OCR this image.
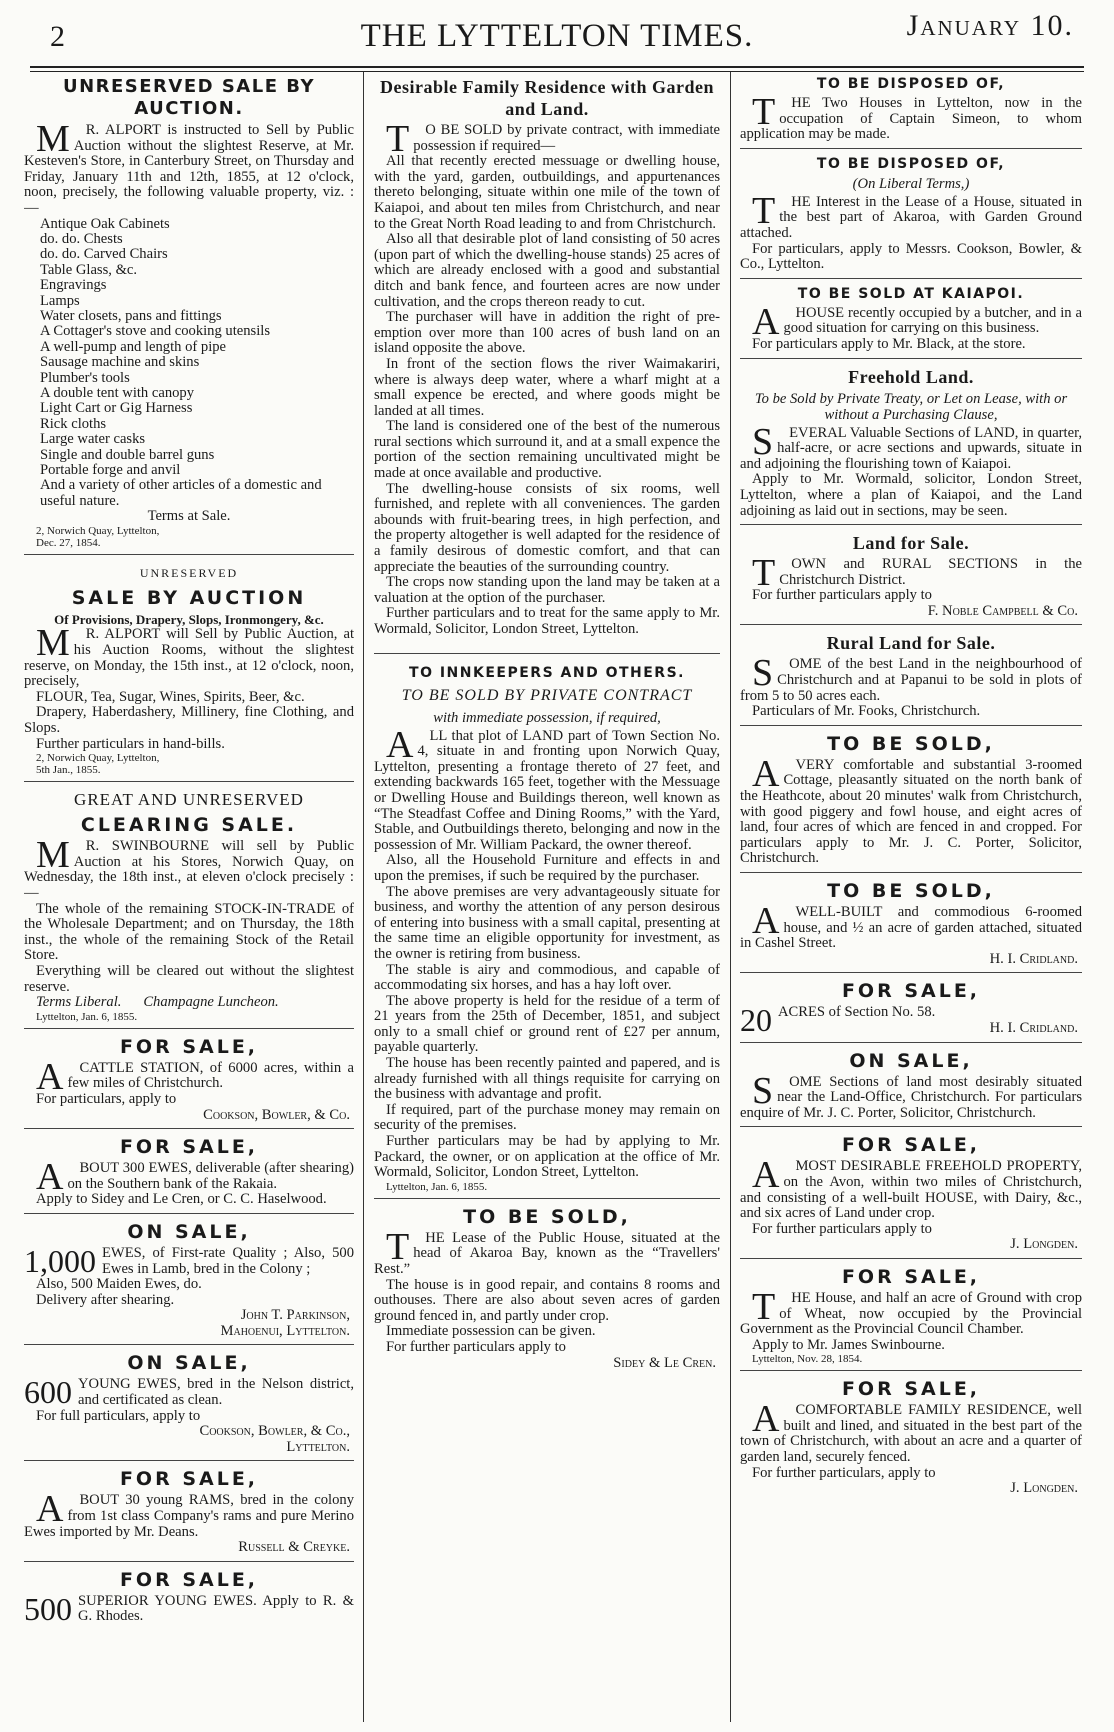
2	THE LYTTELTON TIMES.	January 10.
UNRESERVED SALE BY AUCTION.

MR. ALPORT is instructed to Sell by Public Auction without the slightest Reserve, at Mr. Kesteven's Store, in Canterbury Street, on Thursday and Friday, January 11th and 12th, 1855, at 12 o'clock, noon, precisely, the following valuable property, viz. :—

Antique Oak Cabinets
do. do. Chests
do. do. Carved Chairs
Table Glass, &c.
Engravings
Lamps
Water closets, pans and fittings
A Cottager's stove and cooking utensils
A well-pump and length of pipe
Sausage machine and skins
Plumber's tools
A double tent with canopy
Light Cart or Gig Harness
Rick cloths
Large water casks
Single and double barrel guns
Portable forge and anvil
And a variety of other articles of a domestic and useful nature.
Terms at Sale.
2, Norwich Quay, Lyttelton,
Dec. 27, 1854.
UNRESERVED
SALE BY AUCTION
Of Provisions, Drapery, Slops, Ironmongery, &c.

MR. ALPORT will Sell by Public Auction, at his Auction Rooms, without the slightest reserve, on Monday, the 15th inst., at 12 o'clock, noon, precisely,

FLOUR, Tea, Sugar, Wines, Spirits, Beer, &c.

Drapery, Haberdashery, Millinery, fine Clothing, and Slops.

Further particulars in hand-bills.

2, Norwich Quay, Lyttelton,
5th Jan., 1855.
GREAT AND UNRESERVED
CLEARING SALE.

MR. SWINBOURNE will sell by Public Auction at his Stores, Norwich Quay, on Wednesday, the 18th inst., at eleven o'clock precisely :—

The whole of the remaining STOCK-IN-TRADE of the Wholesale Department; and on Thursday, the 18th inst., the whole of the remaining Stock of the Retail Store.

Everything will be cleared out without the slightest reserve.

Terms Liberal.      Champagne Luncheon.

Lyttelton, Jan. 6, 1855.
FOR SALE,

ACATTLE STATION, of 6000 acres, within a few miles of Christchurch.

For particulars, apply to

Cookson, Bowler, & Co.
FOR SALE,

ABOUT 300 EWES, deliverable (after shearing) on the Southern bank of the Rakaia.

Apply to Sidey and Le Cren, or C. C. Haselwood.

ON SALE,
1,000 EWES, of First-rate Quality ; Also, 500 Ewes in Lamb, bred in the Colony ;

Also, 500 Maiden Ewes, do.

Delivery after shearing.

John T. Parkinson,
Mahoenui, Lyttelton.
ON SALE,
600 YOUNG EWES, bred in the Nelson district, and certificated as clean.

For full particulars, apply to

Cookson, Bowler, & Co.,
Lyttelton.
FOR SALE,

ABOUT 30 young RAMS, bred in the colony from 1st class Company's rams and pure Merino Ewes imported by Mr. Deans.

Russell & Creyke.
FOR SALE,
500 SUPERIOR YOUNG EWES. Apply to R. & G. Rhodes.

Desirable Family Residence with Garden and Land.

TO BE SOLD by private contract, with immediate possession if required—

All that recently erected messuage or dwelling house, with the yard, garden, outbuildings, and appurtenances thereto belonging, situate within one mile of the town of Kaiapoi, and about ten miles from Christchurch, and near to the Great North Road leading to and from Christchurch.

Also all that desirable plot of land consisting of 50 acres (upon part of which the dwelling-house stands) 25 acres of which are already enclosed with a good and substantial ditch and bank fence, and fourteen acres are now under cultivation, and the crops thereon ready to cut.

The purchaser will have in addition the right of pre-emption over more than 100 acres of bush land on an island opposite the above.

In front of the section flows the river Waimakariri, where is always deep water, where a wharf might at a small expence be erected, and where goods might be landed at all times.

The land is considered one of the best of the numerous rural sections which surround it, and at a small expence the portion of the section remaining uncultivated might be made at once available and productive.

The dwelling-house consists of six rooms, well furnished, and replete with all conveniences. The garden abounds with fruit-bearing trees, in high perfection, and the property altogether is well adapted for the residence of a family desirous of domestic comfort, and that can appreciate the beauties of the surrounding country.

The crops now standing upon the land may be taken at a valuation at the option of the purchaser.

Further particulars and to treat for the same apply to Mr. Wormald, Solicitor, London Street, Lyttelton.

TO INNKEEPERS AND OTHERS.
TO BE SOLD BY PRIVATE CONTRACT
with immediate possession, if required,

ALL that plot of LAND part of Town Section No. 4, situate in and fronting upon Norwich Quay, Lyttelton, presenting a frontage thereto of 27 feet, and extending backwards 165 feet, together with the Messuage or Dwelling House and Buildings thereon, well known as “The Steadfast Coffee and Dining Rooms,” with the Yard, Stable, and Outbuildings thereto, belonging and now in the possession of Mr. William Packard, the owner thereof.

Also, all the Household Furniture and effects in and upon the premises, if such be required by the purchaser.

The above premises are very advantageously situate for business, and worthy the attention of any person desirous of entering into business with a small capital, presenting at the same time an eligible opportunity for investment, as the owner is retiring from business.

The stable is airy and commodious, and capable of accommodating six horses, and has a hay loft over.

The above property is held for the residue of a term of 21 years from the 25th of December, 1851, and subject only to a small chief or ground rent of £27 per annum, payable quarterly.

The house has been recently painted and papered, and is already furnished with all things requisite for carrying on the business with advantage and profit.

If required, part of the purchase money may remain on security of the premises.

Further particulars may be had by applying to Mr. Packard, the owner, or on application at the office of Mr. Wormald, Solicitor, London Street, Lyttelton.

Lyttelton, Jan. 6, 1855.
TO BE SOLD,

THE Lease of the Public House, situated at the head of Akaroa Bay, known as the “Travellers' Rest.”

The house is in good repair, and contains 8 rooms and outhouses. There are also about seven acres of garden ground fenced in, and partly under crop.

Immediate possession can be given.

For further particulars apply to

Sidey & Le Cren.
TO BE DISPOSED OF,

THE Two Houses in Lyttelton, now in the occupation of Captain Simeon, to whom application may be made.

TO BE DISPOSED OF,
(On Liberal Terms,)

THE Interest in the Lease of a House, situated in the best part of Akaroa, with Garden Ground attached.

For particulars, apply to Messrs. Cookson, Bowler, & Co., Lyttelton.

TO BE SOLD AT KAIAPOI.

AHOUSE recently occupied by a butcher, and in a good situation for carrying on this business.

For particulars apply to Mr. Black, at the store.

Freehold Land.
To be Sold by Private Treaty, or Let on Lease, with or without a Purchasing Clause,

SEVERAL Valuable Sections of LAND, in quarter, half-acre, or acre sections and upwards, situate in and adjoining the flourishing town of Kaiapoi.

Apply to Mr. Wormald, solicitor, London Street, Lyttelton, where a plan of Kaiapoi, and the Land adjoining as laid out in sections, may be seen.

Land for Sale.

TOWN and RURAL SECTIONS in the Christchurch District.

For further particulars apply to

F. Noble Campbell & Co.
Rural Land for Sale.

SOME of the best Land in the neighbourhood of Christchurch and at Papanui to be sold in plots of from 5 to 50 acres each.

Particulars of Mr. Fooks, Christchurch.

TO BE SOLD,

AVERY comfortable and substantial 3-roomed Cottage, pleasantly situated on the north bank of the Heathcote, about 20 minutes' walk from Christchurch, with good piggery and fowl house, and eight acres of land, four acres of which are fenced in and cropped. For particulars apply to Mr. J. C. Porter, Solicitor, Christchurch.

TO BE SOLD,

AWELL-BUILT and commodious 6-roomed house, and ½ an acre of garden attached, situated in Cashel Street.

H. I. Cridland.
FOR SALE,
20 ACRES of Section No. 58.

H. I. Cridland.
ON SALE,

SOME Sections of land most desirably situated near the Land-Office, Christchurch. For particulars enquire of Mr. J. C. Porter, Solicitor, Christchurch.

FOR SALE,

AMOST DESIRABLE FREEHOLD PROPERTY, on the Avon, within two miles of Christchurch, and consisting of a well-built HOUSE, with Dairy, &c., and six acres of Land under crop.

For further particulars apply to

J. Longden.
FOR SALE,

THE House, and half an acre of Ground with crop of Wheat, now occupied by the Provincial Government as the Provincial Council Chamber.

Apply to Mr. James Swinbourne.

Lyttelton, Nov. 28, 1854.
FOR SALE,

ACOMFORTABLE FAMILY RESIDENCE, well built and lined, and situated in the best part of the town of Christchurch, with about an acre and a quarter of garden land, securely fenced.

For further particulars, apply to

J. Longden.
